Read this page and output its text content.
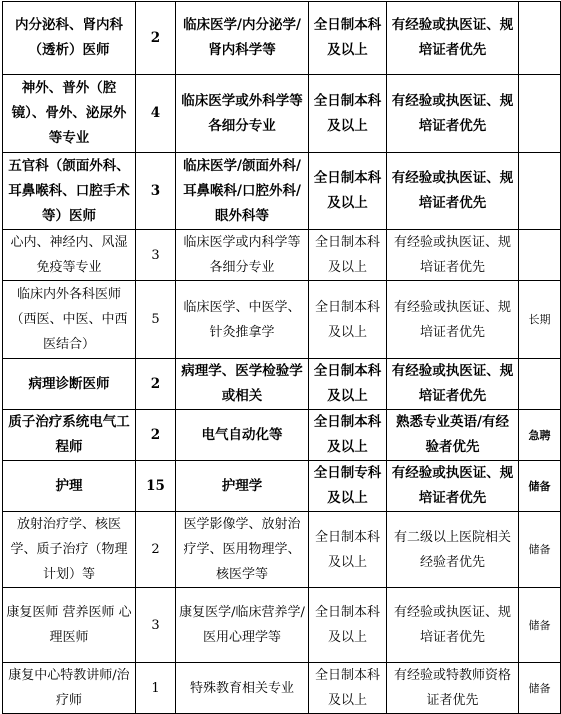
内分泌科、肾内科（透析）医师	2	临床医学/内分泌学/肾内科学等	全日制本科及以上	有经验或执医证、规培证者优先	
神外、普外（腔镜）、骨外、泌尿外等专业	4	临床医学或外科学等各细分专业	全日制本科及以上	有经验或执医证、规培证者优先	
五官科（颌面外科、耳鼻喉科、口腔手术等）医师	3	临床医学/颌面外科/耳鼻喉科/口腔外科/眼外科等	全日制本科及以上	有经验或执医证、规培证者优先	
心内、神经内、风湿免疫等专业	3	临床医学或内科学等各细分专业	全日制本科及以上	有经验或执医证、规培证者优先	
临床内外各科医师（西医、中医、中西医结合）	5	临床医学、中医学、针灸推拿学	全日制本科及以上	有经验或执医证、规培证者优先	长期
病理诊断医师	2	病理学、医学检验学或相关	全日制本科及以上	有经验或执医证、规培证者优先	
质子治疗系统电气工程师	2	电气自动化等	全日制本科及以上	熟悉专业英语/有经验者优先	急聘
护理	15	护理学	全日制专科及以上	有经验或执医证、规培证者优先	储备
放射治疗学、核医学、质子治疗（物理计划）等	2	医学影像学、放射治疗学、医用物理学、核医学等	全日制本科及以上	有二级以上医院相关经验者优先	储备
康复医师 营养医师 心理医师	3	康复医学/临床营养学/医用心理学等	全日制本科及以上	有经验或执医证、规培证者优先	储备
康复中心特教讲师/治疗师	1	特殊教育相关专业	全日制本科及以上	有经验或特教师资格证者优先	储备
